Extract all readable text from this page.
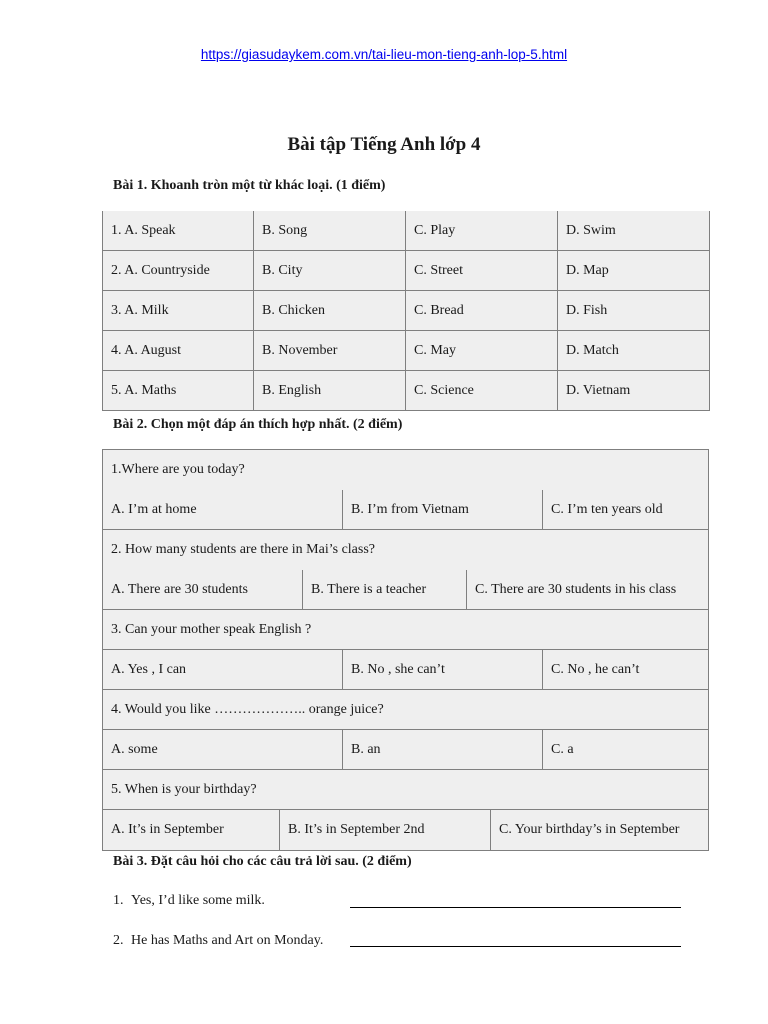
https://giasudaykem.com.vn/tai-lieu-mon-tieng-anh-lop-5.html
Bài tập Tiếng Anh lớp 4
Bài 1. Khoanh tròn một từ khác loại. (1 điểm)
1. A. Speak	B. Song	C. Play	D. Swim
2. A. Countryside	B. City	C. Street	D. Map
3. A. Milk	B. Chicken	C. Bread	D. Fish
4. A. August	B. November	C. May	D. Match
5. A. Maths	B. English	C. Science	D. Vietnam
Bài 2. Chọn một đáp án thích hợp nhất. (2 điểm)
1.Where are you today?
A. I’m at home	B. I’m from Vietnam	C. I’m ten years old
2. How many students are there in Mai’s class?
A. There are 30 students	B. There is a teacher	C. There are 30 students in his class
3. Can your mother speak English ?
A. Yes , I can	B. No , she can’t	C. No , he can’t
4. Would you like ……………….. orange juice?
A. some	B. an	C. a
5. When is your birthday?
A. It’s in September	B. It’s in September 2nd	C. Your birthday’s in September
Bài 3. Đặt câu hỏi cho các câu trả lời sau. (2 điểm)
1. Yes, I’d like some milk.
2. He has Maths and Art on Monday.
